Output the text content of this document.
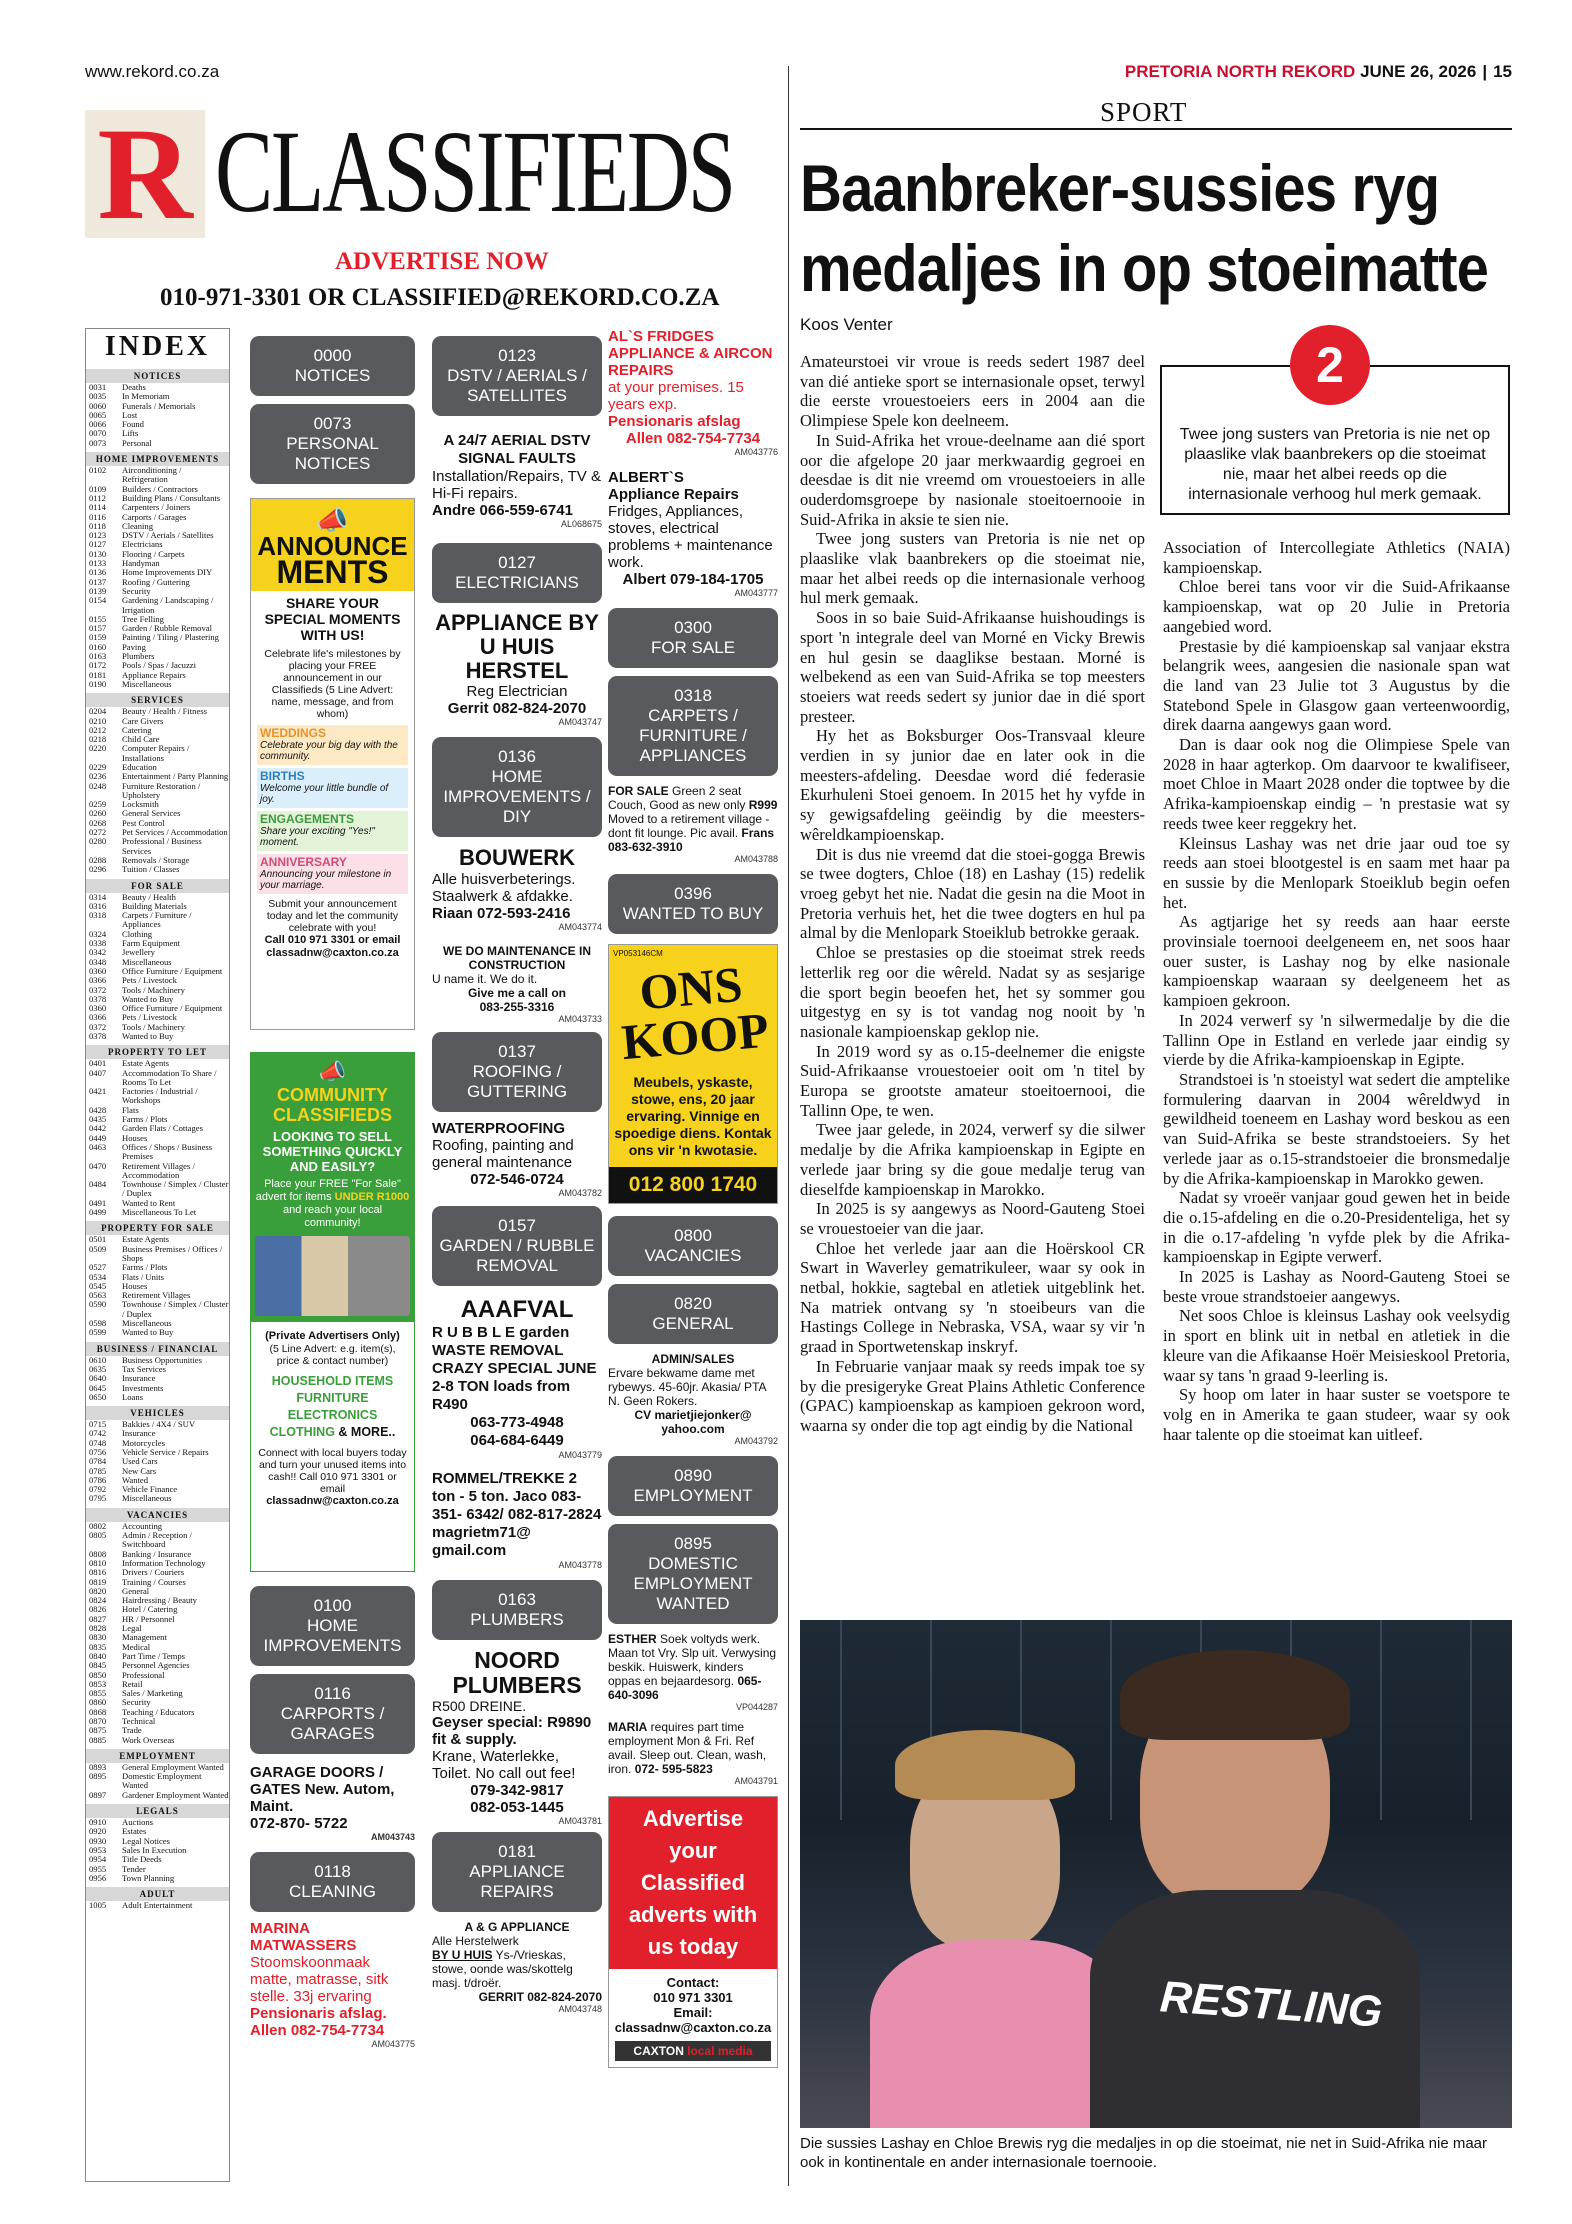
www.rekord.co.za	PRETORIA NORTH REKORD JUNE 26, 2026 | 15
R CLASSIFIEDS
ADVERTISE NOW
010-971-3301 OR CLASSIFIED@REKORD.CO.ZA
INDEX
NOTICES
0031	Deaths
0035	In Memoriam
0060	Funerals / Memorials
0065	Lost
0066	Found
0070	Lifts
0073	Personal
HOME IMPROVEMENTS
0102	Airconditioning / Refrigeration
0109	Builders / Contractors
0112	Building Plans / Consultants
0114	Carpenters / Joiners
0116	Carports / Garages
0118	Cleaning
0123	DSTV / Aerials / Satellites
0127	Electricians
0130	Flooring / Carpets
0133	Handyman
0136	Home Improvements DIY
0137	Roofing / Guttering
0139	Security
0154	Gardening / Landscaping / Irrigation
0155	Tree Felling
0157	Garden / Rubble Removal
0159	Painting / Tiling / Plastering
0160	Paving
0163	Plumbers
0172	Pools / Spas / Jacuzzi
0181	Appliance Repairs
0190	Miscellaneous
SERVICES
0204	Beauty / Health / Fitness
0210	Care Givers
0212	Catering
0218	Child Care
0220	Computer Repairs / Installations
0229	Education
0236	Entertainment / Party Planning
0248	Furniture Restoration / Upholstery
0259	Locksmith
0260	General Services
0268	Pest Control
0272	Pet Services / Accommodation
0280	Professional / Business Services
0288	Removals / Storage
0296	Tuition / Classes
FOR SALE
0314	Beauty / Health
0316	Building Materials
0318	Carpets / Furniture / Appliances
0324	Clothing
0338	Farm Equipment
0342	Jewellery
0348	Miscellaneous
0360	Office Furniture / Equipment
0366	Pets / Livestock
0372	Tools / Machinery
0378	Wanted to Buy
0360	Office Furniture / Equipment
0366	Pets / Livestock
0372	Tools / Machinery
0378	Wanted to Buy
PROPERTY TO LET
0401	Estate Agents
0407	Accommodation To Share / Rooms To Let
0421	Factories / Industrial / Workshops
0428	Flats
0435	Farms / Plots
0442	Garden Flats / Cottages
0449	Houses
0463	Offices / Shops / Business Premises
0470	Retirement Villages / Accommodation
0484	Townhouse / Simplex / Cluster / Duplex
0491	Wanted to Rent
0499	Miscellaneous To Let
PROPERTY FOR SALE
0501	Estate Agents
0509	Business Premises / Offices / Shops
0527	Farms / Plots
0534	Flats / Units
0545	Houses
0563	Retirement Villages
0590	Townhouse / Simplex / Cluster / Duplex
0598	Miscellaneous
0599	Wanted to Buy
BUSINESS / FINANCIAL
0610	Business Opportunities
0635	Tax Services
0640	Insurance
0645	Investments
0650	Loans
VEHICLES
0715	Bakkies / 4X4 / SUV
0742	Insurance
0748	Motorcycles
0756	Vehicle Service / Repairs
0784	Used Cars
0785	New Cars
0786	Wanted
0792	Vehicle Finance
0795	Miscellaneous
VACANCIES
0802	Accounting
0805	Admin / Reception / Switchboard
0808	Banking / Insurance
0810	Information Technology
0816	Drivers / Couriers
0819	Training / Courses
0820	General
0824	Hairdressing / Beauty
0826	Hotel / Catering
0827	HR / Personnel
0828	Legal
0830	Management
0835	Medical
0840	Part Time / Temps
0845	Personnel Agencies
0850	Professional
0853	Retail
0855	Sales / Marketing
0860	Security
0868	Teaching / Educators
0870	Technical
0875	Trade
0885	Work Overseas
EMPLOYMENT
0893	General Employment Wanted
0895	Domestic Employment Wanted
0897	Gardener Employment Wanted
LEGALS
0910	Auctions
0920	Estates
0930	Legal Notices
0953	Sales In Execution
0954	Title Deeds
0955	Tender
0956	Town Planning
ADULT
1005	Adult Entertainment
0000
NOTICES
0073
PERSONAL NOTICES
📣
ANNOUNCE
MENTS
SHARE YOUR SPECIAL MOMENTS WITH US!
Celebrate life's milestones by placing your FREE announcement in our Classifieds (5 Line Advert: name, message, and from whom)
WEDDINGS
Celebrate your big day with the community.
BIRTHS
Welcome your little bundle of joy.
ENGAGEMENTS
Share your exciting "Yes!" moment.
ANNIVERSARY
Announcing your milestone in your marriage.
Submit your announcement today and let the community celebrate with you!
Call 010 971 3301 or email
classadnw@caxton.co.za
📣
COMMUNITY CLASSIFIEDS
LOOKING TO SELL SOMETHING QUICKLY AND EASILY?
Place your FREE "For Sale" advert for items UNDER R1000 and reach your local community!
(Private Advertisers Only)
(5 Line Advert: e.g. item(s), price & contact number)
HOUSEHOLD ITEMS FURNITURE ELECTRONICS CLOTHING & MORE..
Connect with local buyers today and turn your unused items into cash!! Call 010 971 3301 or email
classadnw@caxton.co.za
0100
HOME
IMPROVEMENTS
0116
CARPORTS /
GARAGES
GARAGE DOORS / GATES New. Autom, Maint.
072-870- 5722
AM043743
0118
CLEANING
MARINA MATWASSERS
Stoomskoonmaak matte, matrasse, sitk stelle. 33j ervaring
Pensionaris afslag.
Allen 082-754-7734
AM043775
0123
DSTV / AERIALS /
SATELLITES
A 24/7 AERIAL DSTV SIGNAL FAULTS
Installation/Repairs, TV & Hi-Fi repairs.
Andre 066-559-6741
AL068675
0127
ELECTRICIANS
APPLIANCE BY U HUIS HERSTEL
Reg Electrician
Gerrit 082-824-2070
AM043747
0136
HOME
IMPROVEMENTS / DIY
BOUWERK
Alle huisverbeterings. Staalwerk & afdakke.
Riaan 072-593-2416
AM043774
WE DO MAINTENANCE IN CONSTRUCTION
U name it. We do it.
Give me a call on
083-255-3316
AM043733
0137
ROOFING /
GUTTERING
WATERPROOFING
Roofing, painting and general maintenance
072-546-0724
AM043782
0157
GARDEN / RUBBLE
REMOVAL
AAAFVAL
R U B B L E garden WASTE REMOVAL CRAZY SPECIAL JUNE 2-8 TON loads from R490
063-773-4948
064-684-6449
AM043779
ROMMEL/TREKKE 2 ton - 5 ton. Jaco 083-351- 6342/ 082-817-2824 magrietm71@ gmail.com
AM043778
0163
PLUMBERS
NOORD PLUMBERS
R500 DREINE.
Geyser special: R9890 fit & supply.
Krane, Waterlekke, Toilet. No call out fee!
079-342-9817
082-053-1445
AM043781
0181
APPLIANCE REPAIRS
A & G APPLIANCE
Alle Herstelwerk
BY U HUIS Ys-/Vrieskas, stowe, oonde was/skottelg masj. t/droër.
GERRIT 082-824-2070
AM043748
AL`S FRIDGES APPLIANCE & AIRCON REPAIRS
at your premises. 15 years exp.
Pensionaris afslag
Allen 082-754-7734
AM043776
ALBERT`S
Appliance Repairs
Fridges, Appliances, stoves, electrical problems + maintenance work.
Albert 079-184-1705
AM043777
0300
FOR SALE
0318
CARPETS /
FURNITURE /
APPLIANCES
FOR SALE Green 2 seat Couch, Good as new only R999 Moved to a retirement village - dont fit lounge. Pic avail. Frans 083-632-3910
AM043788
0396
WANTED TO BUY
VP053146CM
ONS KOOP
Meubels, yskaste, stowe, ens, 20 jaar ervaring. Vinnige en spoedige diens. Kontak ons vir 'n kwotasie.
012 800 1740
0800
VACANCIES
0820
GENERAL
ADMIN/SALES
Ervare bekwame dame met rybewys. 45-60jr. Akasia/ PTA N. Geen Rokers.
CV marietjiejonker@ yahoo.com
AM043792
0890
EMPLOYMENT
0895
DOMESTIC
EMPLOYMENT
WANTED
ESTHER Soek voltyds werk. Maan tot Vry. Slp uit. Verwysing beskik. Huiswerk, kinders oppas en bejaardesorg. 065-640-3096
VP044287
MARIA requires part time employment Mon & Fri. Ref avail. Sleep out. Clean, wash, iron. 072- 595-5823
AM043791
Advertise your Classified adverts with us today
Contact:
010 971 3301
Email:
classadnw@caxton.co.za
CAXTON local media
SPORT
Baanbreker-sussies ryg
medaljes in op stoeimatte
Koos Venter

Amateurstoei vir vroue is reeds sedert 1987 deel van dié antieke sport se internasionale opset, terwyl die eerste vrouestoeiers eers in 2004 aan die Olimpiese Spele kon deelneem.

In Suid-Afrika het vroue-deelname aan dié sport oor die afgelope 20 jaar merkwaardig gegroei en deesdae is dit nie vreemd om vrouestoeiers in alle ouderdomsgroepe by nasionale stoeitoernooie in Suid-Afrika in aksie te sien nie.

Twee jong susters van Pretoria is nie net op plaaslike vlak baanbrekers op die stoeimat nie, maar het albei reeds op die internasionale verhoog hul merk gemaak.

Soos in so baie Suid-Afrikaanse huishoudings is sport 'n integrale deel van Morné en Vicky Brewis en hul gesin se daaglikse bestaan. Morné is welbekend as een van Suid-Afrika se top meesters stoeiers wat reeds sedert sy junior dae in dié sport presteer.

Hy het as Boksburger Oos-Transvaal kleure verdien in sy junior dae en later ook in die meesters-afdeling. Deesdae word dié federasie Ekurhuleni Stoei genoem. In 2015 het hy vyfde in sy gewigsafdeling geëindig by die meesters-wêreldkampioenskap.

Dit is dus nie vreemd dat die stoei-gogga Brewis se twee dogters, Chloe (18) en Lashay (15) redelik vroeg gebyt het nie. Nadat die gesin na die Moot in Pretoria verhuis het, het die twee dogters en hul pa almal by die Menlopark Stoeiklub betrokke geraak.

Chloe se prestasies op die stoeimat strek reeds letterlik reg oor die wêreld. Nadat sy as sesjarige die sport begin beoefen het, het sy sommer gou uitgestyg en sy is tot vandag nog nooit by 'n nasionale kampioenskap geklop nie.

In 2019 word sy as o.15-deelnemer die enigste Suid-Afrikaanse vrouestoeier ooit om 'n titel by Europa se grootste amateur stoeitoernooi, die Tallinn Ope, te wen.

Twee jaar gelede, in 2024, verwerf sy die silwer medalje by die Afrika kampioenskap in Egipte en verlede jaar bring sy die goue medalje terug van dieselfde kampioenskap in Marokko.

In 2025 is sy aangewys as Noord-Gauteng Stoei se vrouestoeier van die jaar.

Chloe het verlede jaar aan die Hoërskool CR Swart in Waverley gematrikuleer, waar sy ook in netbal, hokkie, sagtebal en atletiek uitgeblink het. Na matriek ontvang sy 'n stoeibeurs van die Hastings College in Nebraska, VSA, waar sy vir 'n graad in Sportwetenskap inskryf.

In Februarie vanjaar maak sy reeds impak toe sy by die presigeryke Great Plains Athletic Conference (GPAC) kampioenskap as kampioen gekroon word, waarna sy onder die top agt eindig by die National

Twee jong susters van Pretoria is nie net op plaaslike vlak baanbrekers op die stoeimat nie, maar het albei reeds op die internasionale verhoog hul merk gemaak.
2

Association of Intercollegiate Athletics (NAIA) kampioenskap.

Chloe berei tans voor vir die Suid-Afrikaanse kampioenskap, wat op 20 Julie in Pretoria aangebied word.

Prestasie by dié kampioenskap sal vanjaar ekstra belangrik wees, aangesien die nasionale span wat die land van 23 Julie tot 3 Augustus by die Statebond Spele in Glasgow gaan verteenwoordig, direk daarna aangewys gaan word.

Dan is daar ook nog die Olimpiese Spele van 2028 in haar agterkop. Om daarvoor te kwalifiseer, moet Chloe in Maart 2028 onder die toptwee by die Afrika-kampioenskap eindig – 'n prestasie wat sy reeds twee keer reggekry het.

Kleinsus Lashay was net drie jaar oud toe sy reeds aan stoei blootgestel is en saam met haar pa en sussie by die Menlopark Stoeiklub begin oefen het.

As agtjarige het sy reeds aan haar eerste provinsiale toernooi deelgeneem en, net soos haar ouer suster, is Lashay nog by elke nasionale kampioenskap waaraan sy deelgeneem het as kampioen gekroon.

In 2024 verwerf sy 'n silwermedalje by die die Tallinn Ope in Estland en verlede jaar eindig sy vierde by die Afrika-kampioenskap in Egipte.

Strandstoei is 'n stoeistyl wat sedert die amptelike formulering daarvan in 2004 wêreldwyd in gewildheid toeneem en Lashay word beskou as een van Suid-Afrika se beste strandstoeiers. Sy het verlede jaar as o.15-strandstoeier die bronsmedalje by die Afrika-kampioenskap in Marokko gewen.

Nadat sy vroeër vanjaar goud gewen het in beide die o.15-afdeling en die o.20-Presidenteliga, het sy in die o.17-afdeling 'n vyfde plek by die Afrika-kampioenskap in Egipte verwerf.

In 2025 is Lashay as Noord-Gauteng Stoei se beste vroue strandstoeier aangewys.

Net soos Chloe is kleinsus Lashay ook veelsydig in sport en blink uit in netbal en atletiek in die kleure van die Afikaanse Hoër Meisieskool Pretoria, waar sy tans 'n graad 9-leerling is.

Sy hoop om later in haar suster se voetspore te volg en in Amerika te gaan studeer, waar sy ook haar talente op die stoeimat kan uitleef.

RESTLING
Die sussies Lashay en Chloe Brewis ryg die medaljes in op die stoeimat, nie net in Suid-Afrika nie maar ook in kontinentale en ander internasionale toernooie.
